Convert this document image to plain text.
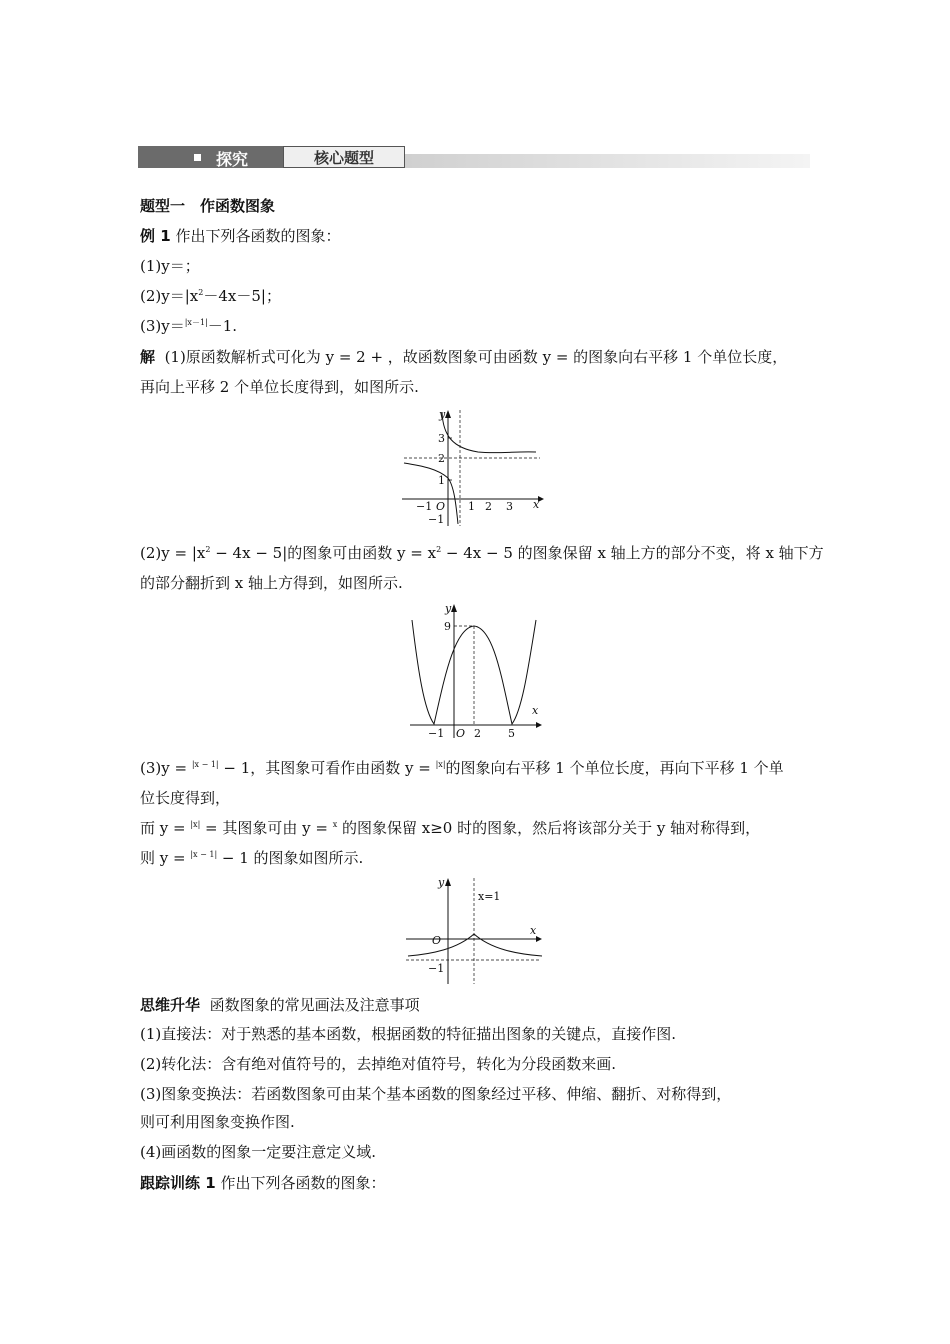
探究	核心题型
题型一　作函数图象
例 1 作出下列各函数的图象：
(1)y＝；
$(2)y=|x^2-4x-5|$；
(3)y＝$^{|x-1|}$－1.
解 (1)原函数解析式可化为 y = 2 + ，故函数图象可由函数 y = 的图象向右平移 1 个单位长度，
再向上平移 2 个单位长度得到，如图所示.
y
x
3
2
1
O
−1
−1
1 2 3
$(2)y = |x^2 - 4x - 5|$的图象可由函数 $y = x^2 - 4x - 5$ 的图象保留 x 轴上方的部分不变，将 x 轴下方
的部分翻折到 x 轴上方得到，如图所示.
y
x
9
O
−1	2 5
(3)y = $^{|x - 1|}$ − 1，其图象可看作由函数 y = $^{|x|}$的图象向右平移 1 个单位长度，再向下平移 1 个单
位长度得到，
而 y = $^{|x|}$ = 其图象可由 y = $^x$ 的图象保留 x≥0 时的图象，然后将该部分关于 y 轴对称得到，
则 y = $^{|x - 1|}$ − 1 的图象如图所示.
y
x
x=1
O
−1
思维升华 函数图象的常见画法及注意事项
(1)直接法：对于熟悉的基本函数，根据函数的特征描出图象的关键点，直接作图.
(2)转化法：含有绝对值符号的，去掉绝对值符号，转化为分段函数来画.
(3)图象变换法：若函数图象可由某个基本函数的图象经过平移、伸缩、翻折、对称得到，
则可利用图象变换作图.
(4)画函数的图象一定要注意定义域.
跟踪训练 1 作出下列各函数的图象：
